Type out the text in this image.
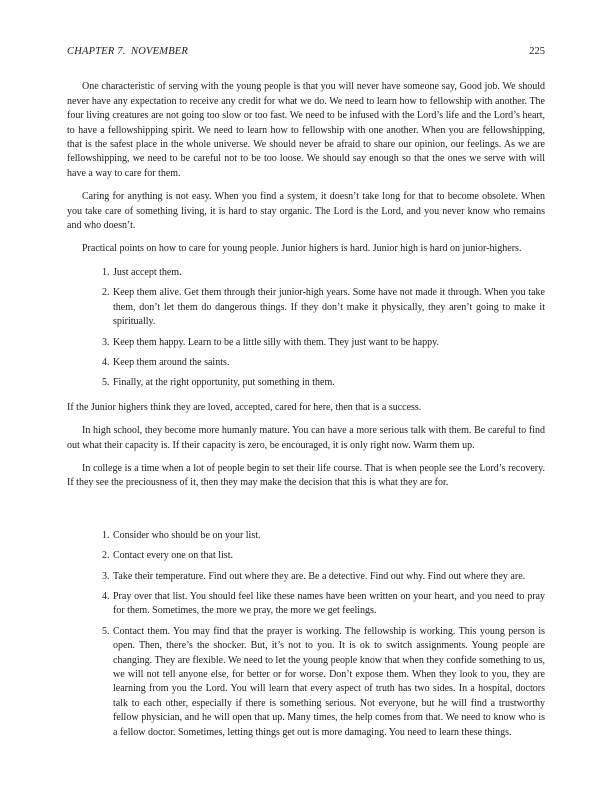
CHAPTER 7. NOVEMBER	225

One characteristic of serving with the young people is that you will never have someone say, Good job. We should never have any expectation to receive any credit for what we do. We need to learn how to fellowship with another. The four living creatures are not going too slow or too fast. We need to be infused with the Lord’s life and the Lord’s heart, to have a fellowshipping spirit. We need to learn how to fellowship with one another. When you are fellowshipping, that is the safest place in the whole universe. We should never be afraid to share our opinion, our feelings. As we are fellowshipping, we need to be careful not to be too loose. We should say enough so that the ones we serve with will have a way to care for them.

Caring for anything is not easy. When you find a system, it doesn’t take long for that to become obsolete. When you take care of something living, it is hard to stay organic. The Lord is the Lord, and you never know who remains and who doesn’t.

Practical points on how to care for young people. Junior highers is hard. Junior high is hard on junior-highers.

1. Just accept them.
2. Keep them alive. Get them through their junior-high years. Some have not made it through. When you take them, don’t let them do dangerous things. If they don’t make it physically, they aren’t going to make it spiritually.
3. Keep them happy. Learn to be a little silly with them. They just want to be happy.
4. Keep them around the saints.
5. Finally, at the right opportunity, put something in them.

If the Junior highers think they are loved, accepted, cared for here, then that is a success.

In high school, they become more humanly mature. You can have a more serious talk with them. Be careful to find out what their capacity is. If their capacity is zero, be encouraged, it is only right now. Warm them up.

In college is a time when a lot of people begin to set their life course. That is when people see the Lord’s recovery. If they see the preciousness of it, then they may make the decision that this is what they are for.

1. Consider who should be on your list.
2. Contact every one on that list.
3. Take their temperature. Find out where they are. Be a detective. Find out why. Find out where they are.
4. Pray over that list. You should feel like these names have been written on your heart, and you need to pray for them. Sometimes, the more we pray, the more we get feelings.
5. Contact them. You may find that the prayer is working. The fellowship is working. This young person is open. Then, there’s the shocker. But, it’s not to you. It is ok to switch assignments. Young people are changing. They are flexible. We need to let the young people know that when they confide something to us, we will not tell anyone else, for better or for worse. Don’t expose them. When they look to you, they are learning from you the Lord. You will learn that every aspect of truth has two sides. In a hospital, doctors talk to each other, especially if there is something serious. Not everyone, but he will find a trustworthy fellow physician, and he will open that up. Many times, the help comes from that. We need to know who is a fellow doctor. Sometimes, letting things get out is more damaging. You need to learn these things.
